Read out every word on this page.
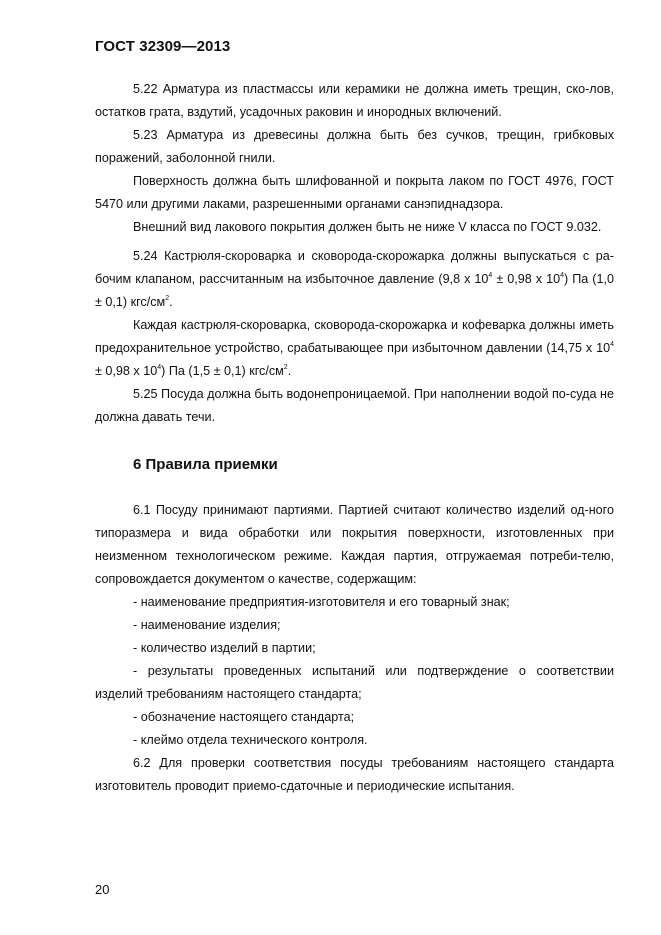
ГОСТ 32309—2013

5.22 Арматура из пластмассы или керамики не должна иметь трещин, ско-лов, остатков грата, вздутий, усадочных раковин и инородных включений.

5.23 Арматура из древесины должна быть без сучков, трещин, грибковых поражений, заболонной гнили.

Поверхность должна быть шлифованной и покрыта лаком по ГОСТ 4976, ГОСТ 5470 или другими лаками, разрешенными органами санэпиднадзора.

Внешний вид лакового покрытия должен быть не ниже V класса по ГОСТ 9.032.

5.24 Кастрюля-скороварка и сковорода-скорожарка должны выпускаться с ра-бочим клапаном, рассчитанным на избыточное давление (9,8 х $10^4 \pm 0,98$ х $10^4$) Па (1,0 ± 0,1) кгс/$см^2$.

Каждая кастрюля-скороварка, сковорода-скорожарка и кофеварка должны иметь предохранительное устройство, срабатывающее при избыточном давлении (14,75 х $10^4 \pm 0,98$ х $10^4$) Па (1,5 ± 0,1) кгс/$см^2$.

5.25 Посуда должна быть водонепроницаемой. При наполнении водой по-суда не должна давать течи.

6 Правила приемки

6.1 Посуду принимают партиями. Партией считают количество изделий од-ного типоразмера и вида обработки или покрытия поверхности, изготовленных при неизменном технологическом режиме. Каждая партия, отгружаемая потреби-телю, сопровождается документом о качестве, содержащим:

- наименование предприятия-изготовителя и его товарный знак;

- наименование изделия;

- количество изделий в партии;

- результаты проведенных испытаний или подтверждение о соответствии изделий требованиям настоящего стандарта;

- обозначение настоящего стандарта;

- клеймо отдела технического контроля.

6.2 Для проверки соответствия посуды требованиям настоящего стандарта изготовитель проводит приемо-сдаточные и периодические испытания.

20
